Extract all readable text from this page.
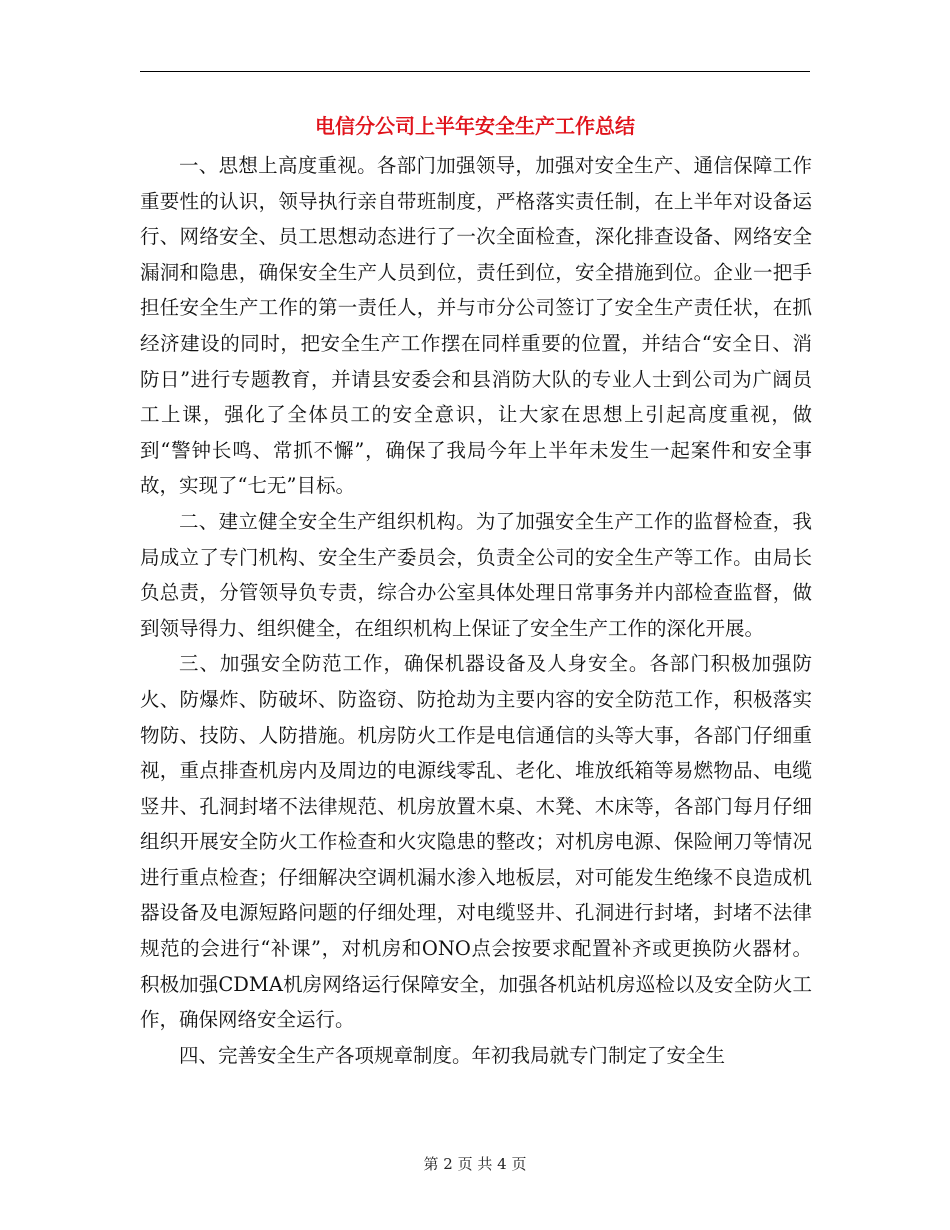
电信分公司上半年安全生产工作总结

一、思想上高度重视。各部门加强领导，加强对安全生产、通信保障工作重要性的认识，领导执行亲自带班制度，严格落实责任制，在上半年对设备运行、网络安全、员工思想动态进行了一次全面检查，深化排查设备、网络安全漏洞和隐患，确保安全生产人员到位，责任到位，安全措施到位。企业一把手担任安全生产工作的第一责任人，并与市分公司签订了安全生产责任状，在抓经济建设的同时，把安全生产工作摆在同样重要的位置，并结合“安全日、消防日”进行专题教育，并请县安委会和县消防大队的专业人士到公司为广阔员工上课，强化了全体员工的安全意识，让大家在思想上引起高度重视，做到“警钟长鸣、常抓不懈”，确保了我局今年上半年未发生一起案件和安全事故，实现了“七无”目标。

二、建立健全安全生产组织机构。为了加强安全生产工作的监督检查，我局成立了专门机构、安全生产委员会，负责全公司的安全生产等工作。由局长负总责，分管领导负专责，综合办公室具体处理日常事务并内部检查监督，做到领导得力、组织健全，在组织机构上保证了安全生产工作的深化开展。

三、加强安全防范工作，确保机器设备及人身安全。各部门积极加强防火、防爆炸、防破坏、防盗窃、防抢劫为主要内容的安全防范工作，积极落实物防、技防、人防措施。机房防火工作是电信通信的头等大事，各部门仔细重视，重点排查机房内及周边的电源线零乱、老化、堆放纸箱等易燃物品、电缆竖井、孔洞封堵不法律规范、机房放置木桌、木凳、木床等，各部门每月仔细组织开展安全防火工作检查和火灾隐患的整改；对机房电源、保险闸刀等情况进行重点检查；仔细解决空调机漏水渗入地板层，对可能发生绝缘不良造成机器设备及电源短路问题的仔细处理，对电缆竖井、孔洞进行封堵，封堵不法律规范的会进行“补课”，对机房和ONO点会按要求配置补齐或更换防火器材。积极加强CDMA机房网络运行保障安全，加强各机站机房巡检以及安全防火工作，确保网络安全运行。

四、完善安全生产各项规章制度。年初我局就专门制定了安全生

第 2 页 共 4 页
